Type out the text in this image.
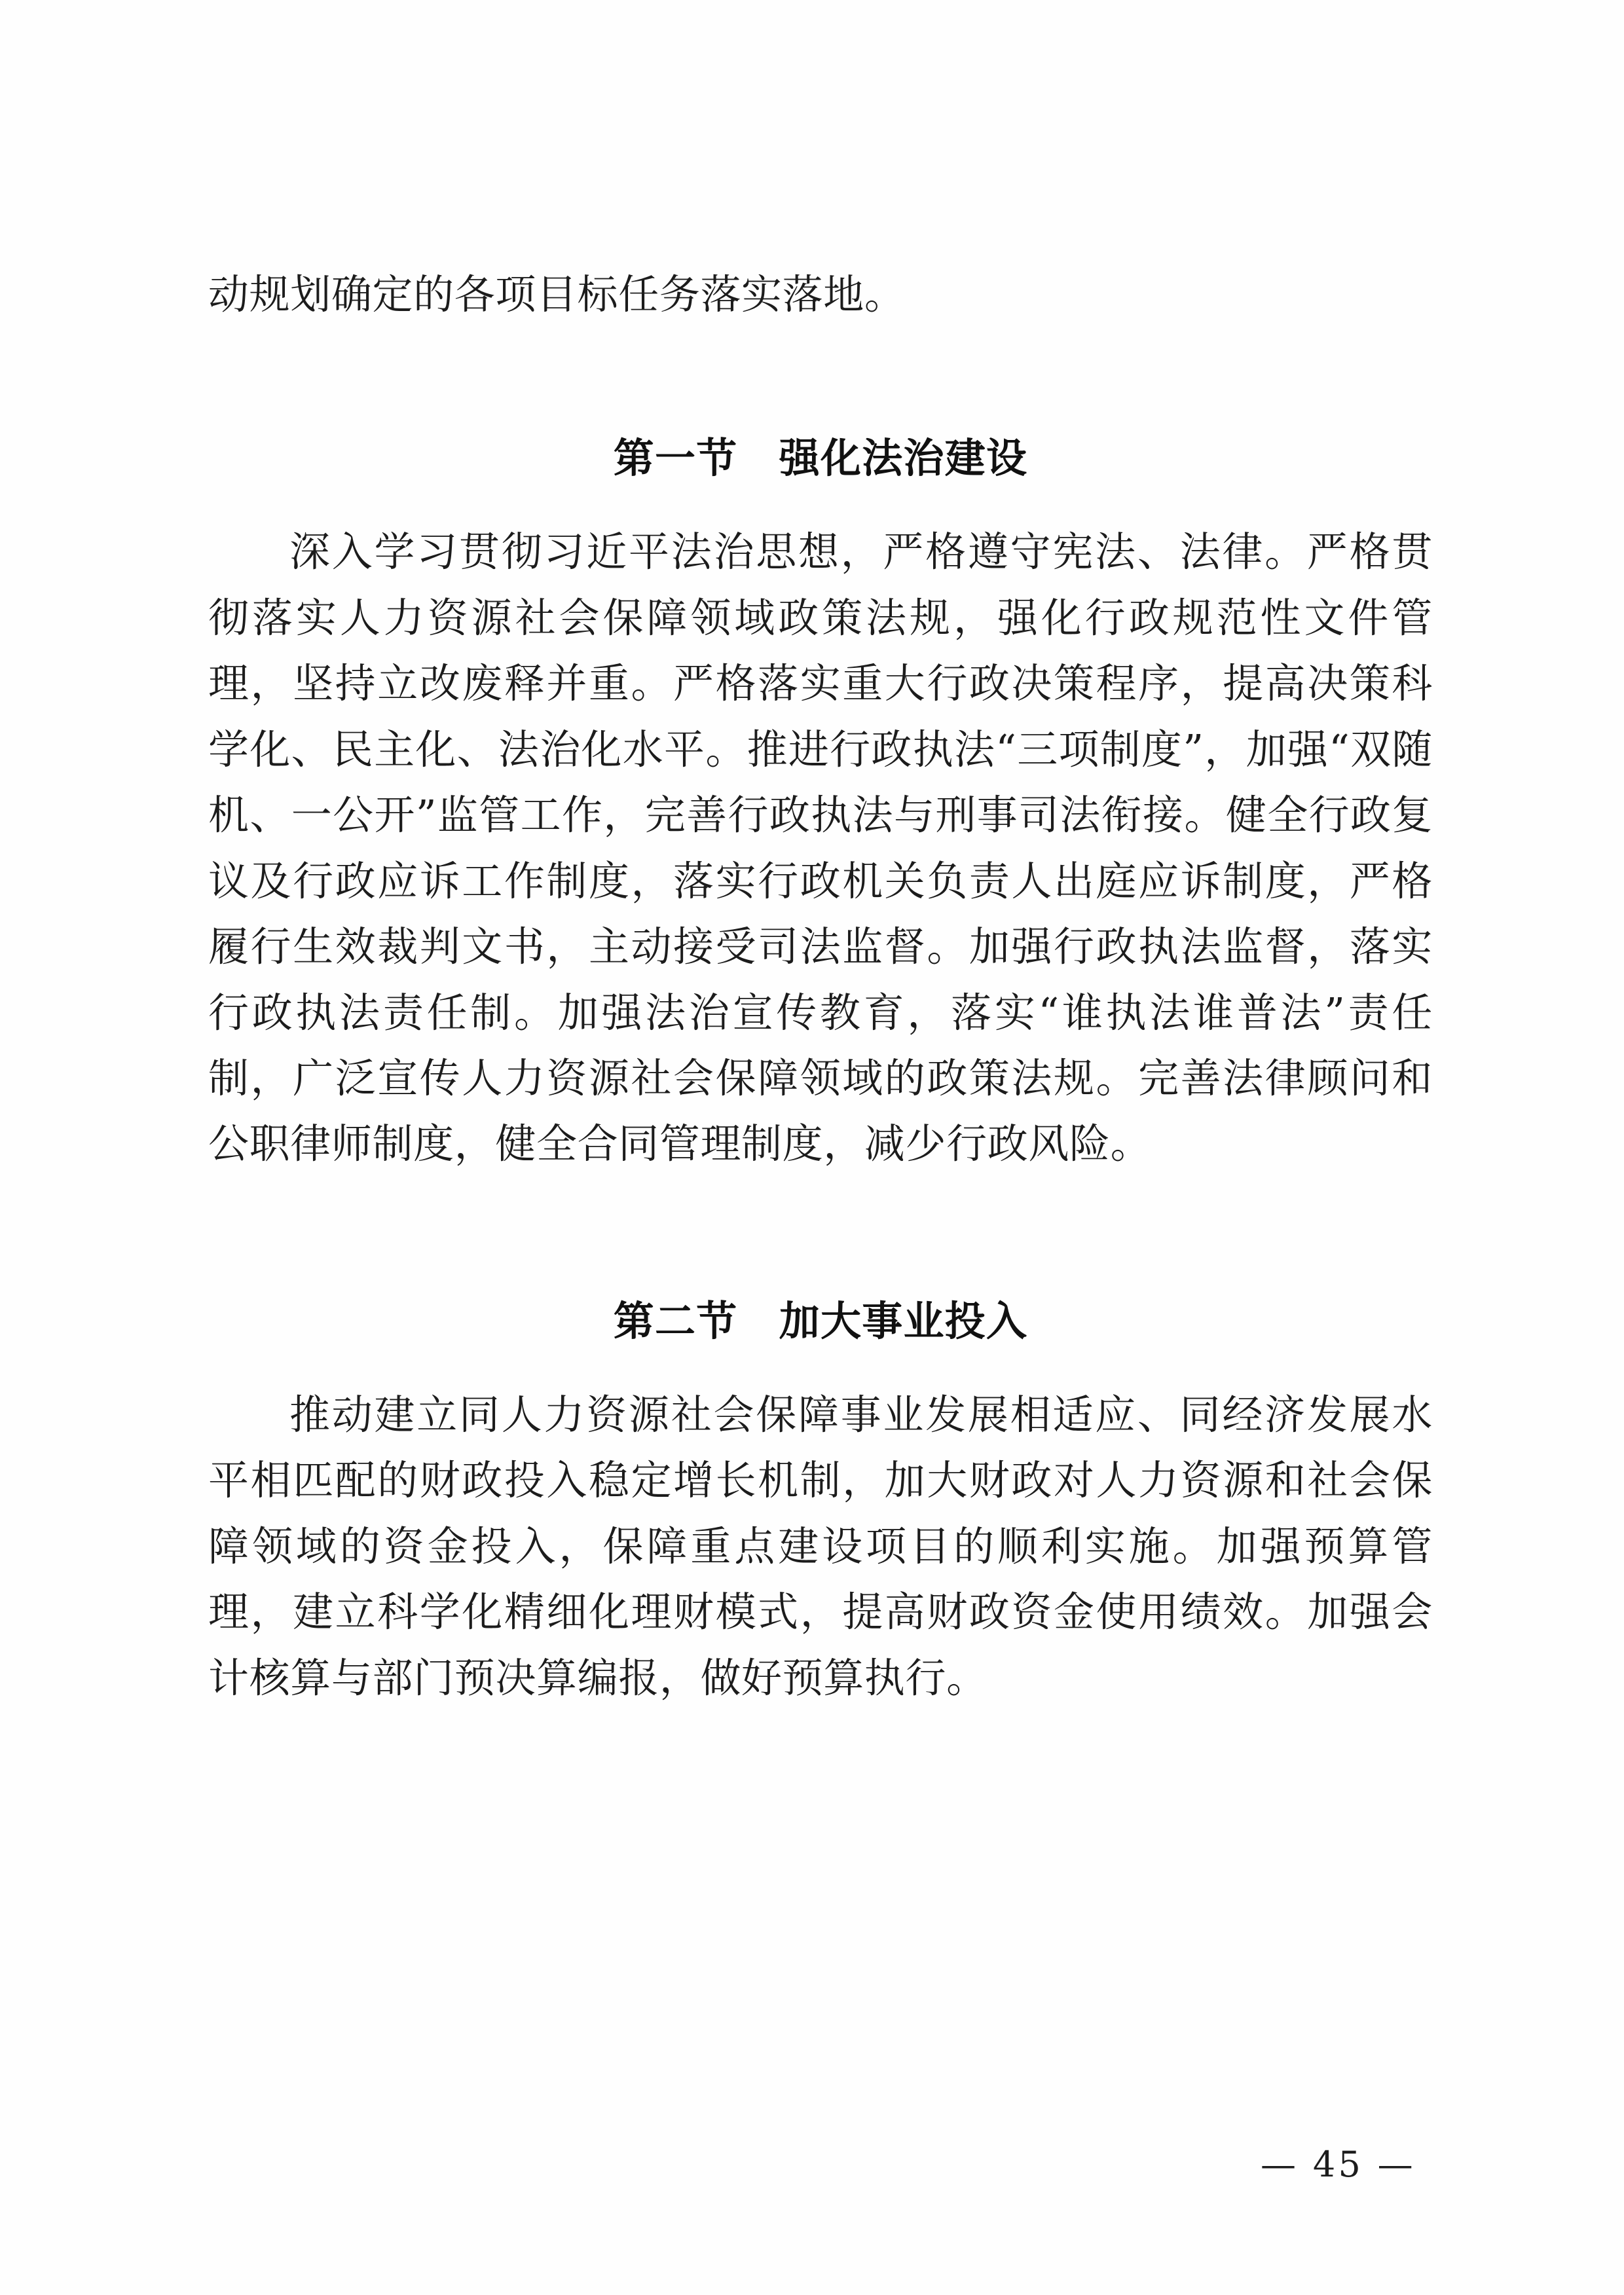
动规划确定的各项目标任务落实落地。

第一节　强化法治建设

深入学习贯彻习近平法治思想，严格遵守宪法、法律。严格贯彻落实人力资源社会保障领域政策法规，强化行政规范性文件管理，坚持立改废释并重。严格落实重大行政决策程序，提高决策科学化、民主化、法治化水平。推进行政执法“三项制度”，加强“双随机、一公开”监管工作，完善行政执法与刑事司法衔接。健全行政复议及行政应诉工作制度，落实行政机关负责人出庭应诉制度，严格履行生效裁判文书，主动接受司法监督。加强行政执法监督，落实行政执法责任制。加强法治宣传教育，落实“谁执法谁普法”责任制，广泛宣传人力资源社会保障领域的政策法规。完善法律顾问和公职律师制度，健全合同管理制度，减少行政风险。

第二节　加大事业投入

推动建立同人力资源社会保障事业发展相适应、同经济发展水平相匹配的财政投入稳定增长机制，加大财政对人力资源和社会保障领域的资金投入，保障重点建设项目的顺利实施。加强预算管理，建立科学化精细化理财模式，提高财政资金使用绩效。加强会计核算与部门预决算编报，做好预算执行。

— 45 —
